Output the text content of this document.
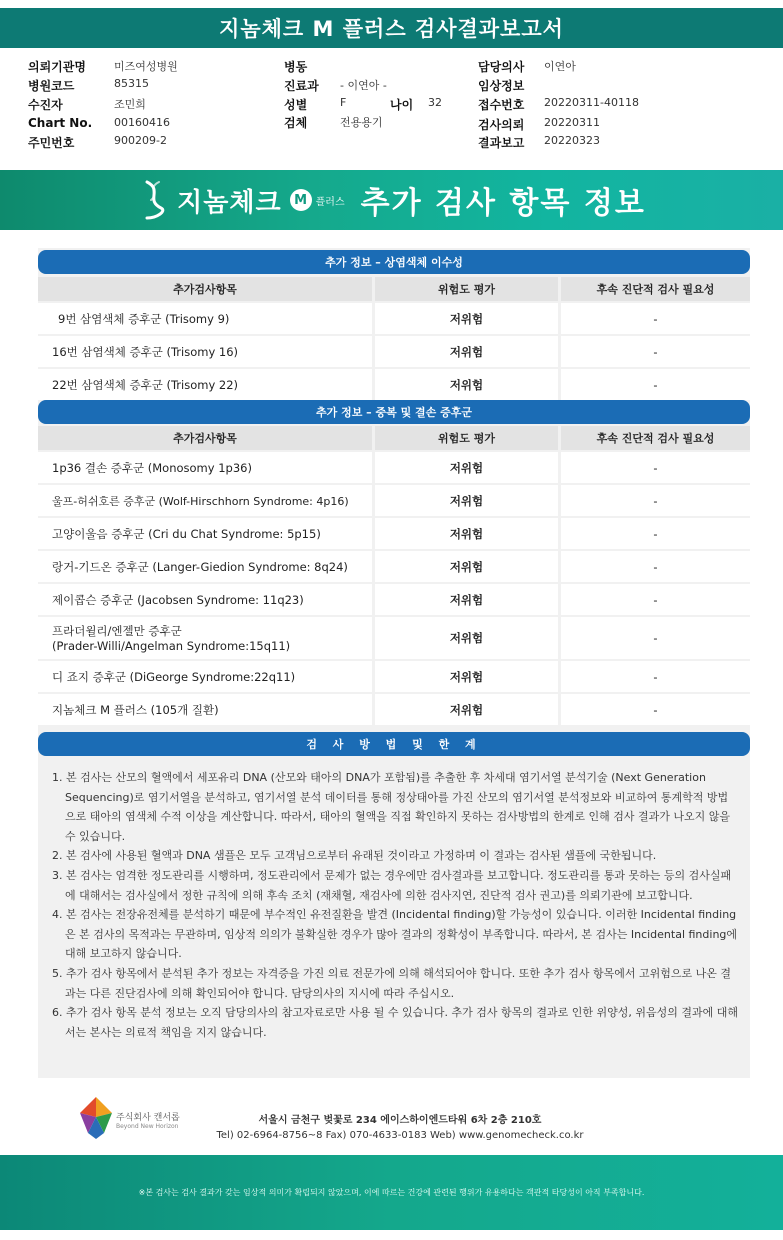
지놈체크 M 플러스 검사결과보고서
의뢰기관명	미즈여성병원
병원코드	85315
수진자	조민희
Chart No. 00160416
주민번호	900209-2
병동
진료과 - 이연아 -
성별	F	나이 32
검체	전용용기
담당의사 이연아
임상정보
접수번호 20220311-40118
검사의뢰 20220311
결과보고 20220323
지놈체크 M 플러스 추가 검사 항목 정보
추가 정보 – 상염색체 이수성
추가검사항목	위험도 평가	후속 진단적 검사 필요성
9번 삼염색체 증후군 (Trisomy 9)	저위험	-
16번 삼염색체 증후군 (Trisomy 16)	저위험	-
22번 삼염색체 증후군 (Trisomy 22)	저위험	-
추가 정보 – 중복 및 결손 증후군
추가검사항목	위험도 평가	후속 진단적 검사 필요성
1p36 결손 증후군 (Monosomy 1p36)	저위험	-
울프-허쉬호른 증후군 (Wolf-Hirschhorn Syndrome: 4p16)	저위험	-
고양이울음 증후군 (Cri du Chat Syndrome: 5p15)	저위험	-
랑거-기드온 증후군 (Langer-Giedion Syndrome: 8q24)	저위험	-
제이콥슨 증후군 (Jacobsen Syndrome: 11q23)	저위험	-
프라더윌리/엔젤만 증후군
(Prader-Willi/Angelman Syndrome:15q11)
저위험	-
디 죠지 증후군 (DiGeorge Syndrome:22q11)	저위험	-
지놈체크 M 플러스 (105개 질환)	저위험	-
검 사 방 법 및 한 계

1. 본 검사는 산모의 혈액에서 세포유리 DNA (산모와 태아의 DNA가 포함됨)를 추출한 후 차세대 염기서열 분석기술 (Next Generation Sequencing)로 염기서열을 분석하고, 염기서열 분석 데이터를 통해 정상태아를 가진 산모의 염기서열 분석정보와 비교하여 통계학적 방법으로 태아의 염색체 수적 이상을 계산합니다. 따라서, 태아의 혈액을 직접 확인하지 못하는 검사방법의 한계로 인해 검사 결과가 나오지 않을 수 있습니다.

2. 본 검사에 사용된 혈액과 DNA 샘플은 모두 고객님으로부터 유래된 것이라고 가정하며 이 결과는 검사된 샘플에 국한됩니다.

3. 본 검사는 엄격한 정도관리를 시행하며, 정도관리에서 문제가 없는 경우에만 검사결과를 보고합니다. 정도관리를 통과 못하는 등의 검사실패에 대해서는 검사실에서 정한 규칙에 의해 후속 조치 (재채혈, 재검사에 의한 검사지연, 진단적 검사 권고)를 의뢰기관에 보고합니다.

4. 본 검사는 전장유전체를 분석하기 때문에 부수적인 유전질환을 발견 (Incidental finding)할 가능성이 있습니다. 이러한 Incidental finding은 본 검사의 목적과는 무관하며, 임상적 의의가 불확실한 경우가 많아 결과의 정확성이 부족합니다. 따라서, 본 검사는 Incidental finding에 대해 보고하지 않습니다.

5. 추가 검사 항목에서 분석된 추가 정보는 자격증을 가진 의료 전문가에 의해 해석되어야 합니다. 또한 추가 검사 항목에서 고위험으로 나온 결과는 다른 진단검사에 의해 확인되어야 합니다. 담당의사의 지시에 따라 주십시오.

6. 추가 검사 항목 분석 정보는 오직 담당의사의 참고자료로만 사용 될 수 있습니다. 추가 검사 항목의 결과로 인한 위양성, 위음성의 결과에 대해서는 본사는 의료적 책임을 지지 않습니다.

주식회사 캔서롭
Beyond New Horizon
서울시 금천구 벚꽃로 234 에이스하이엔드타워 6차 2층 210호
Tel) 02-6964-8756~8 Fax) 070-4633-0183 Web) www.genomecheck.co.kr
※본 검사는 검사 결과가 갖는 임상적 의미가 확립되지 않았으며, 이에 따르는 건강에 관련된 행위가 유용하다는 객관적 타당성이 아직 부족합니다.
